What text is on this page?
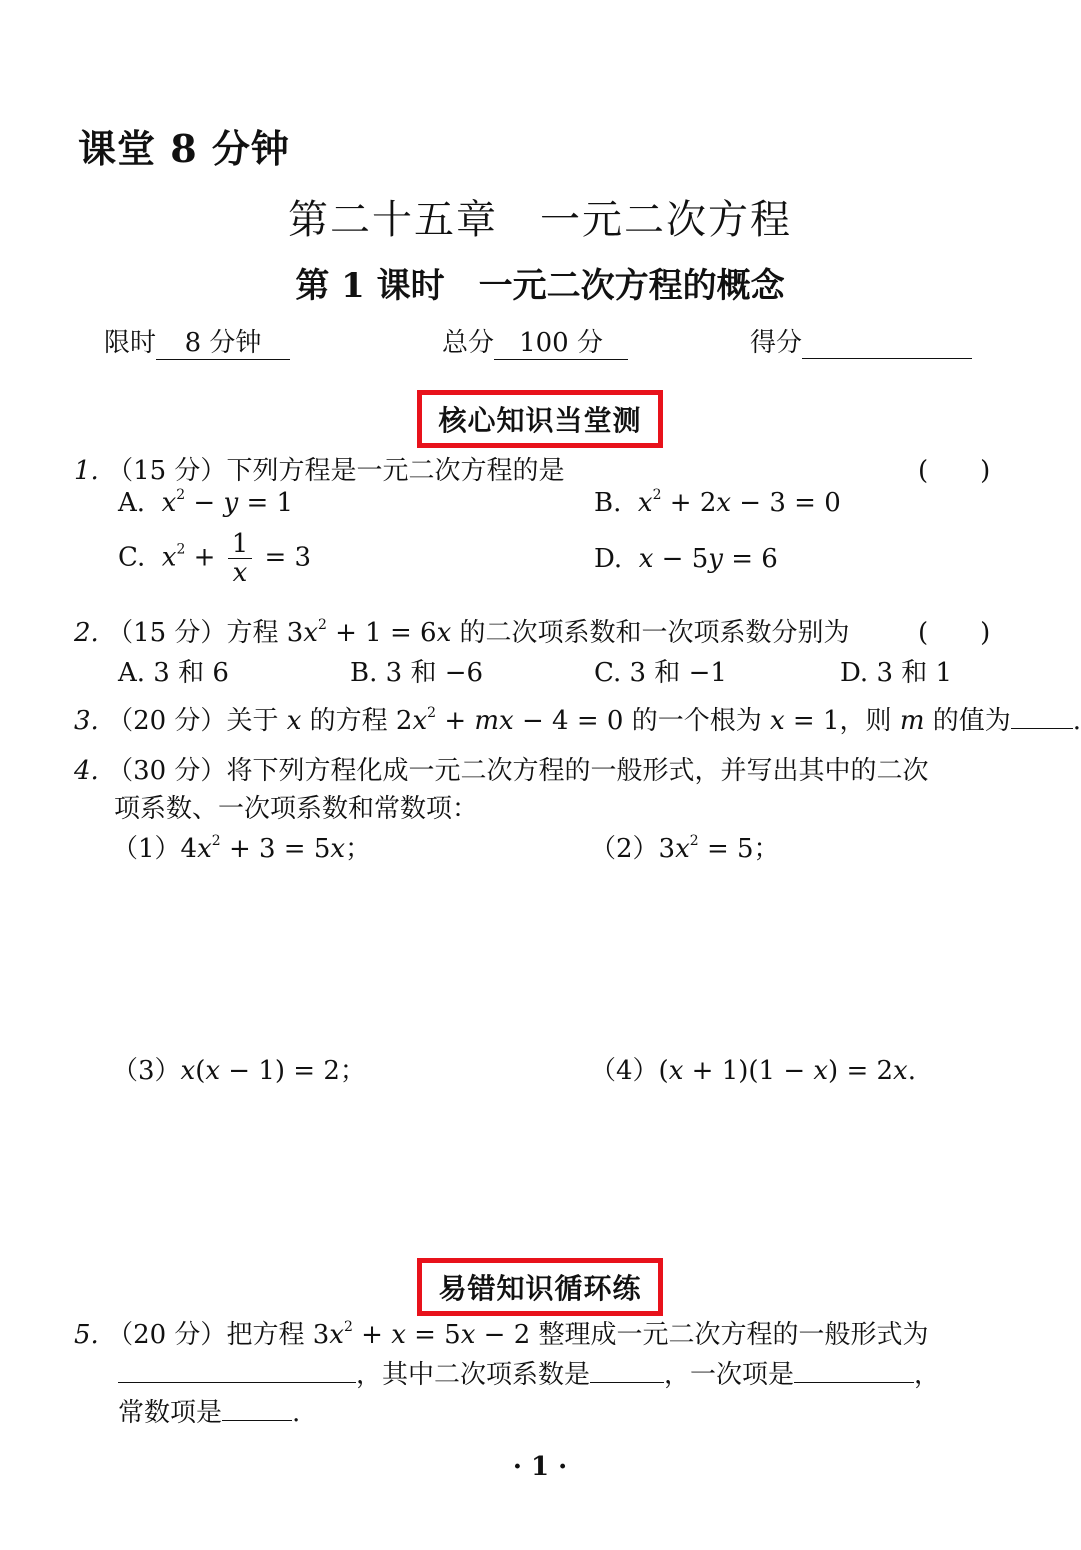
课堂 8 分钟
第二十五章　一元二次方程
第 1 课时　一元二次方程的概念
限时 8 分钟	总分 100 分	得分
核心知识当堂测
1. （15 分）下列方程是一元二次方程的是	(　　)
A. $x^2 - y = 1$	B. $x^2 + 2x - 3 = 0$
C. $x^2 + \frac{1}{x} = 3$	D. x − 5y = 6
2. （15 分）方程 $3x^2 + 1 = 6x$ 的二次项系数和一次项系数分别为	(　　)
A. 3 和 6	B. 3 和 −6	C. 3 和 −1	D. 3 和 1
3. （20 分）关于 x 的方程 $2x^2$ + mx − 4 = 0 的一个根为 x = 1，则 m 的值为 .
4. （30 分）将下列方程化成一元二次方程的一般形式，并写出其中的二次
项系数、一次项系数和常数项：
$(1)4x^2 + 3 = 5x$；	$(2)3x^2 = 5$；
（3）x(x − 1) = 2；	（4）(x + 1)(1 − x) = 2x.
易错知识循环练
5. （20 分）把方程 $3x^2 + x = 5x - 2$ 整理成一元二次方程的一般形式为
，其中二次项系数是	，一次项是	，
常数项是	.
· 1 ·
